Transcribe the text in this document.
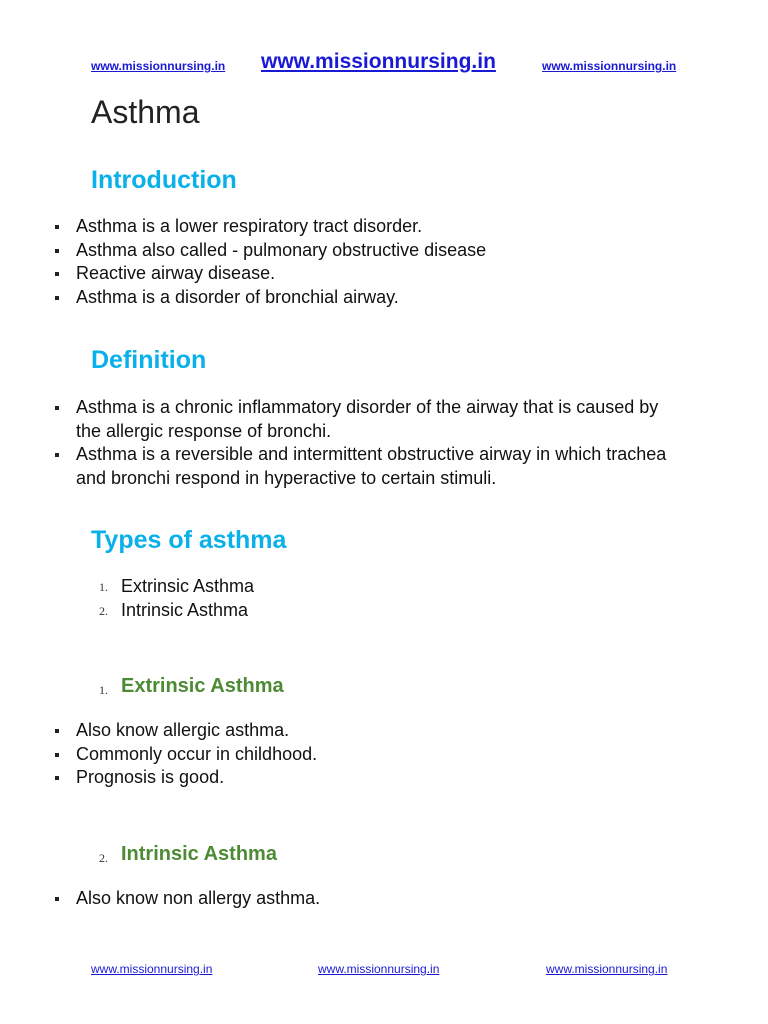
www.missionnursing.in www.missionnursing.in	www.missionnursing.in
Asthma
Introduction
Asthma is a lower respiratory tract disorder.
Asthma also called - pulmonary obstructive disease
Reactive airway disease.
Asthma is a disorder of bronchial airway.
Definition
Asthma is a chronic inflammatory disorder of the airway that is caused by the allergic response of bronchi.
Asthma is a reversible and intermittent obstructive airway in which trachea and bronchi respond in hyperactive to certain stimuli.
Types of asthma
1. Extrinsic Asthma
2. Intrinsic Asthma
1. Extrinsic Asthma
Also know allergic asthma.
Commonly occur in childhood.
Prognosis is good.
2. Intrinsic Asthma
Also know non allergy asthma.
www.missionnursing.in	www.missionnursing.in	www.missionnursing.in
